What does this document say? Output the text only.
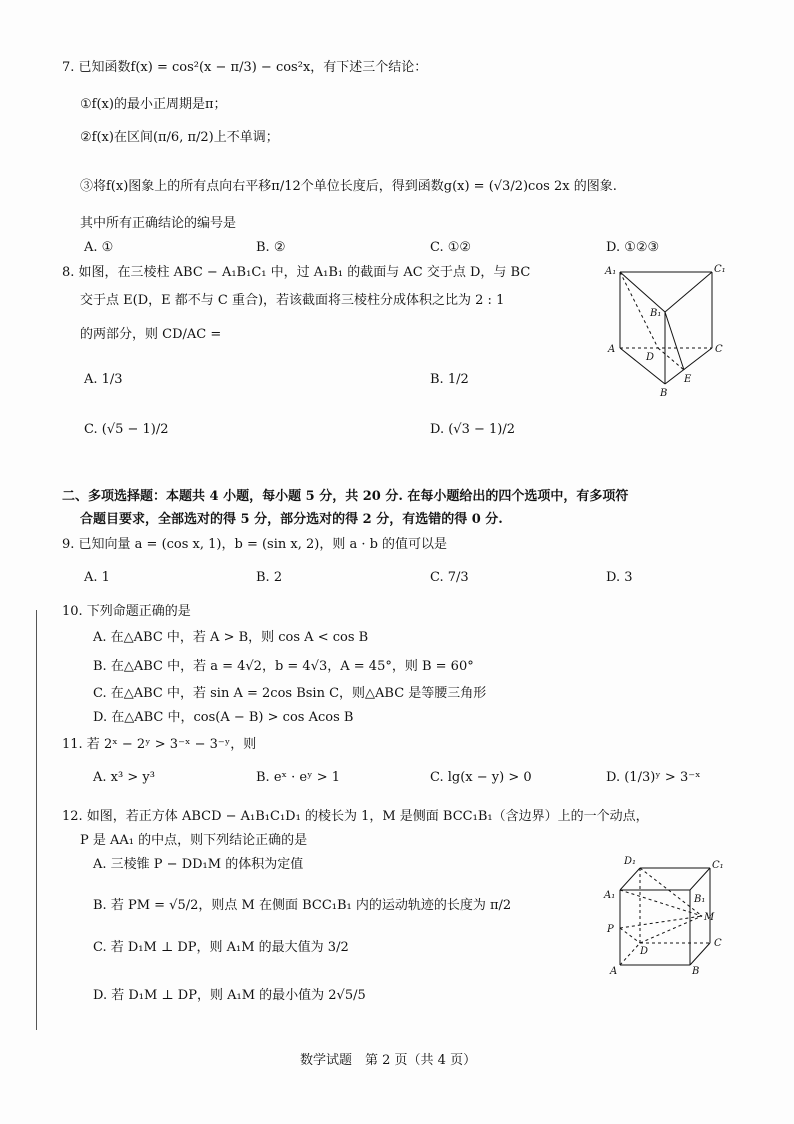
7. 已知函数f(x) = cos²(x − π/3) − cos²x，有下述三个结论：
①f(x)的最小正周期是π；
②f(x)在区间(π/6, π/2)上不单调；
③将f(x)图象上的所有点向右平移π/12个单位长度后，得到函数g(x) = (√3/2)cos 2x 的图象.
其中所有正确结论的编号是
A. ①	B. ②	C. ①②	D. ①②③
8. 如图，在三棱柱 ABC − A₁B₁C₁ 中，过 A₁B₁ 的截面与 AC 交于点 D，与 BC
交于点 E(D，E 都不与 C 重合)，若该截面将三棱柱分成体积之比为 2 : 1
的两部分，则 CD/AC =
A. 1/3	B. 1/2
C. (√5 − 1)/2	D. (√3 − 1)/2
A₁	C₁
B₁
A
D
C
E
B
二、多项选择题：本题共 4 小题，每小题 5 分，共 20 分. 在每小题给出的四个选项中，有多项符
合题目要求，全部选对的得 5 分，部分选对的得 2 分，有选错的得 0 分.
9. 已知向量 a = (cos x, 1)，b = (sin x, 2)，则 a · b 的值可以是
A. 1	B. 2	C. 7/3	D. 3
10. 下列命题正确的是
A. 在△ABC 中，若 A > B，则 cos A < cos B
B. 在△ABC 中，若 a = 4√2，b = 4√3，A = 45°，则 B = 60°
C. 在△ABC 中，若 sin A = 2cos Bsin C，则△ABC 是等腰三角形
D. 在△ABC 中，cos(A − B) > cos Acos B
11. 若 2ˣ − 2ʸ > 3⁻ˣ − 3⁻ʸ，则
A. x³ > y³	B. eˣ · eʸ > 1	C. lg(x − y) > 0	D. (1/3)ʸ > 3⁻ˣ
12. 如图，若正方体 ABCD − A₁B₁C₁D₁ 的棱长为 1，M 是侧面 BCC₁B₁（含边界）上的一个动点，
P 是 AA₁ 的中点，则下列结论正确的是
A. 三棱锥 P − DD₁M 的体积为定值
B. 若 PM = √5/2，则点 M 在侧面 BCC₁B₁ 内的运动轨迹的长度为 π/2
C. 若 D₁M ⊥ DP，则 A₁M 的最大值为 3/2
D. 若 D₁M ⊥ DP，则 A₁M 的最小值为 2√5/5
D₁	C₁
A₁	B₁
M
P
D
C
A	B
数学试题　第 2 页（共 4 页）
